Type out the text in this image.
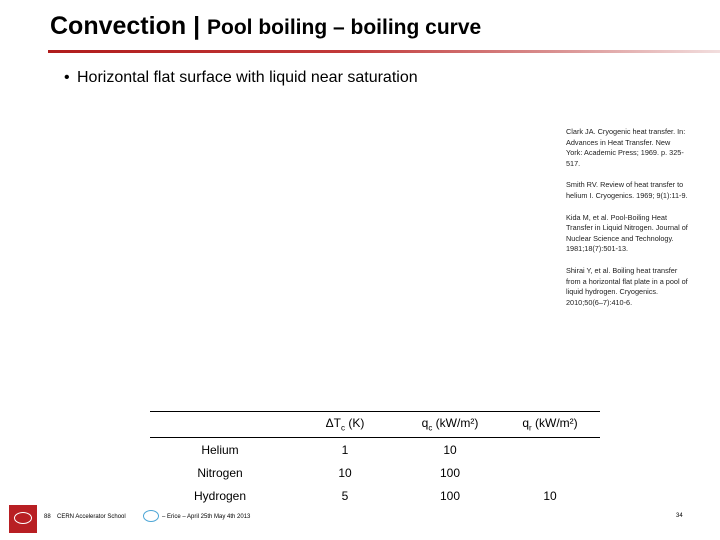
Convection | Pool boiling – boiling curve
• Horizontal flat surface with liquid near saturation

Clark JA. Cryogenic heat transfer. In: Advances in Heat Transfer. New York: Academic Press; 1969. p. 325-517.

Smith RV. Review of heat transfer to helium I. Cryogenics. 1969; 9(1):11-9.

Kida M, et al. Pool-Boiling Heat Transfer in Liquid Nitrogen. Journal of Nuclear Science and Technology. 1981;18(7):501-13.

Shirai Y, et al. Boiling heat transfer from a horizontal flat plate in a pool of liquid hydrogen. Cryogenics. 2010;50(6–7):410-6.

	$\Delta T_c$ (K)	$q_c$ (kW/m²)	$q_r$ (kW/m²)
Helium	1	10	
Nitrogen	10	100	
Hydrogen	5	100	10
88 CERN Accelerator School	– Erice – April 25th May 4th 2013	34
